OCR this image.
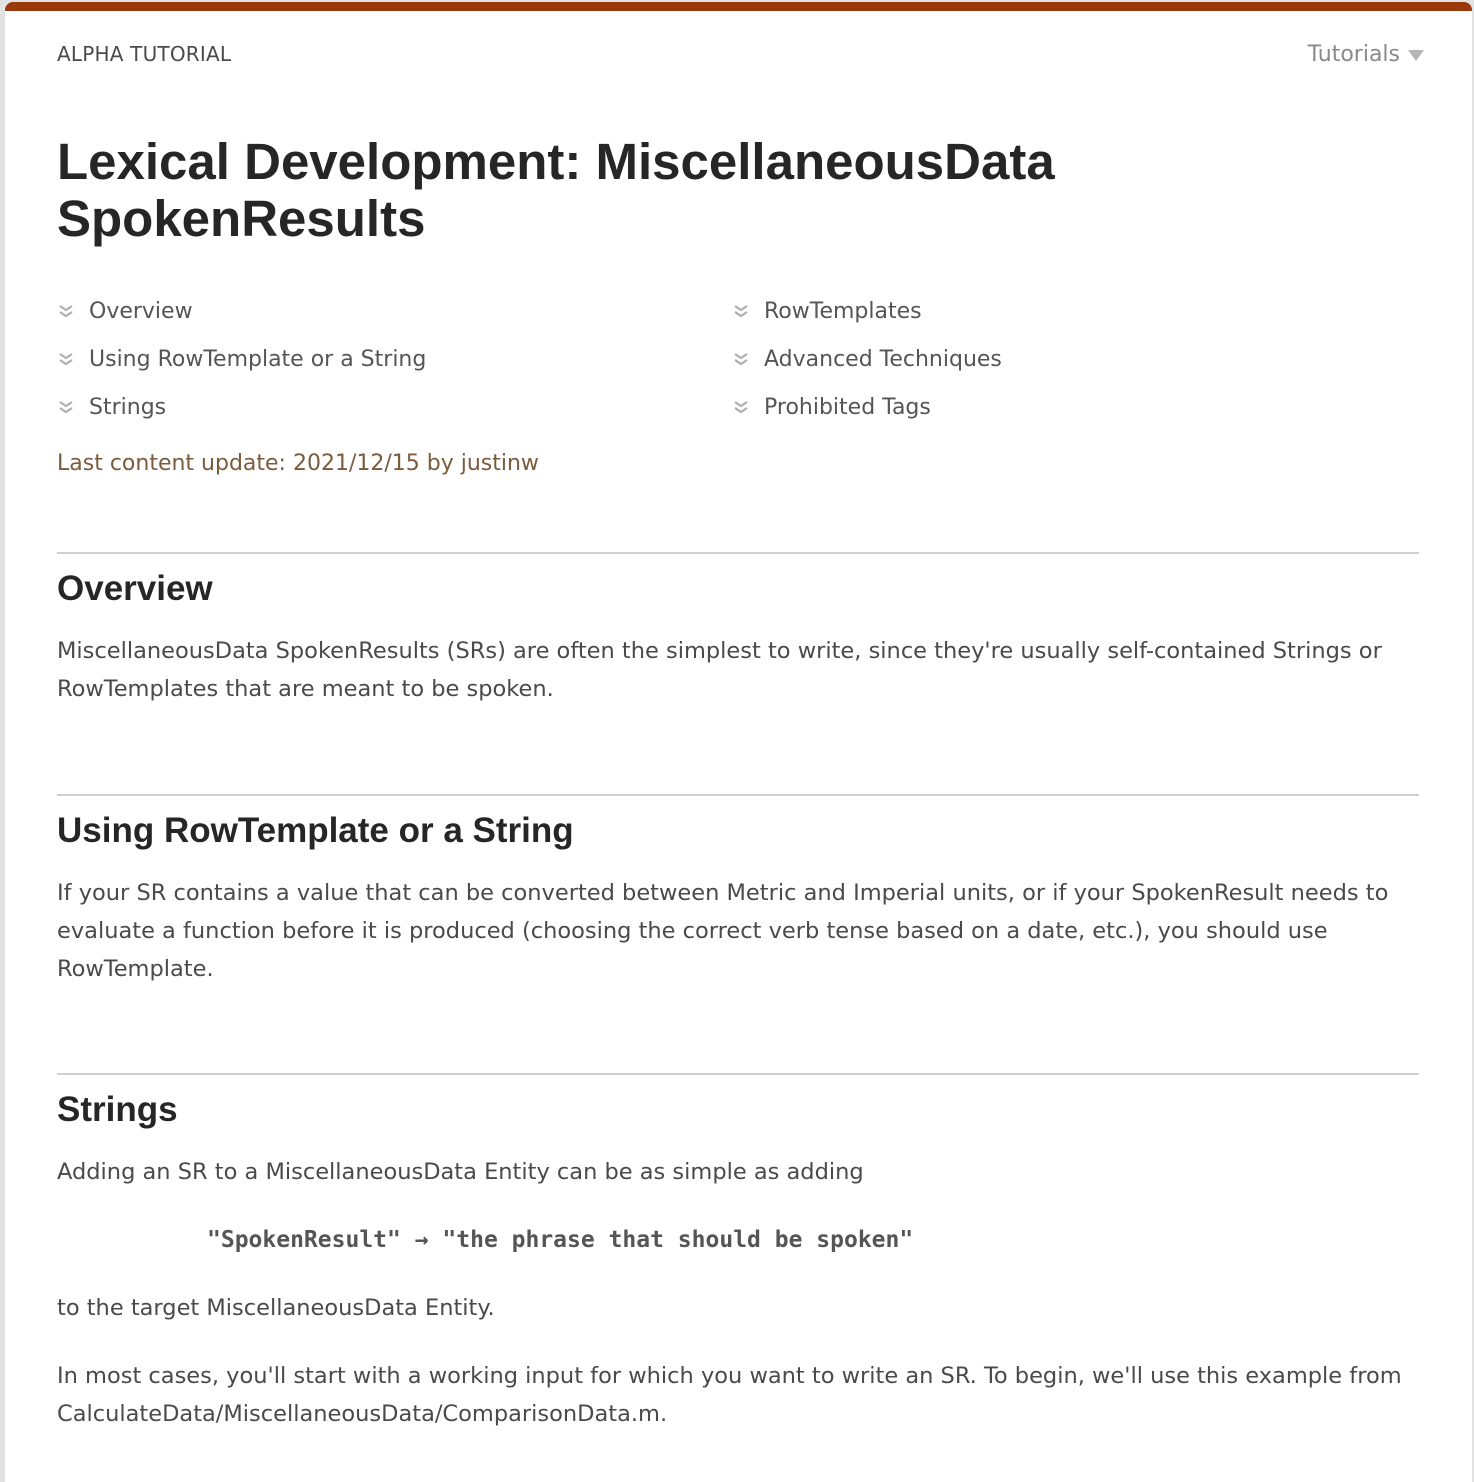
ALPHA TUTORIAL	Tutorials
Lexical Development: MiscellaneousData SpokenResults
Overview
Using RowTemplate or a String
Strings
RowTemplates
Advanced Techniques
Prohibited Tags
Last content update: 2021/12/15 by justinw
Overview

MiscellaneousData SpokenResults (SRs) are often the simplest to write, since they're usually self-contained Strings or RowTemplates that are meant to be spoken.

Using RowTemplate or a String

If your SR contains a value that can be converted between Metric and Imperial units, or if your SpokenResult needs to evaluate a function before it is produced (choosing the correct verb tense based on a date, etc.), you should use RowTemplate.

Strings

Adding an SR to a MiscellaneousData Entity can be as simple as adding

"SpokenResult" → "the phrase that should be spoken"

to the target MiscellaneousData Entity.

In most cases, you'll start with a working input for which you want to write an SR. To begin, we'll use this example from CalculateData/MiscellaneousData/ComparisonData.m.
